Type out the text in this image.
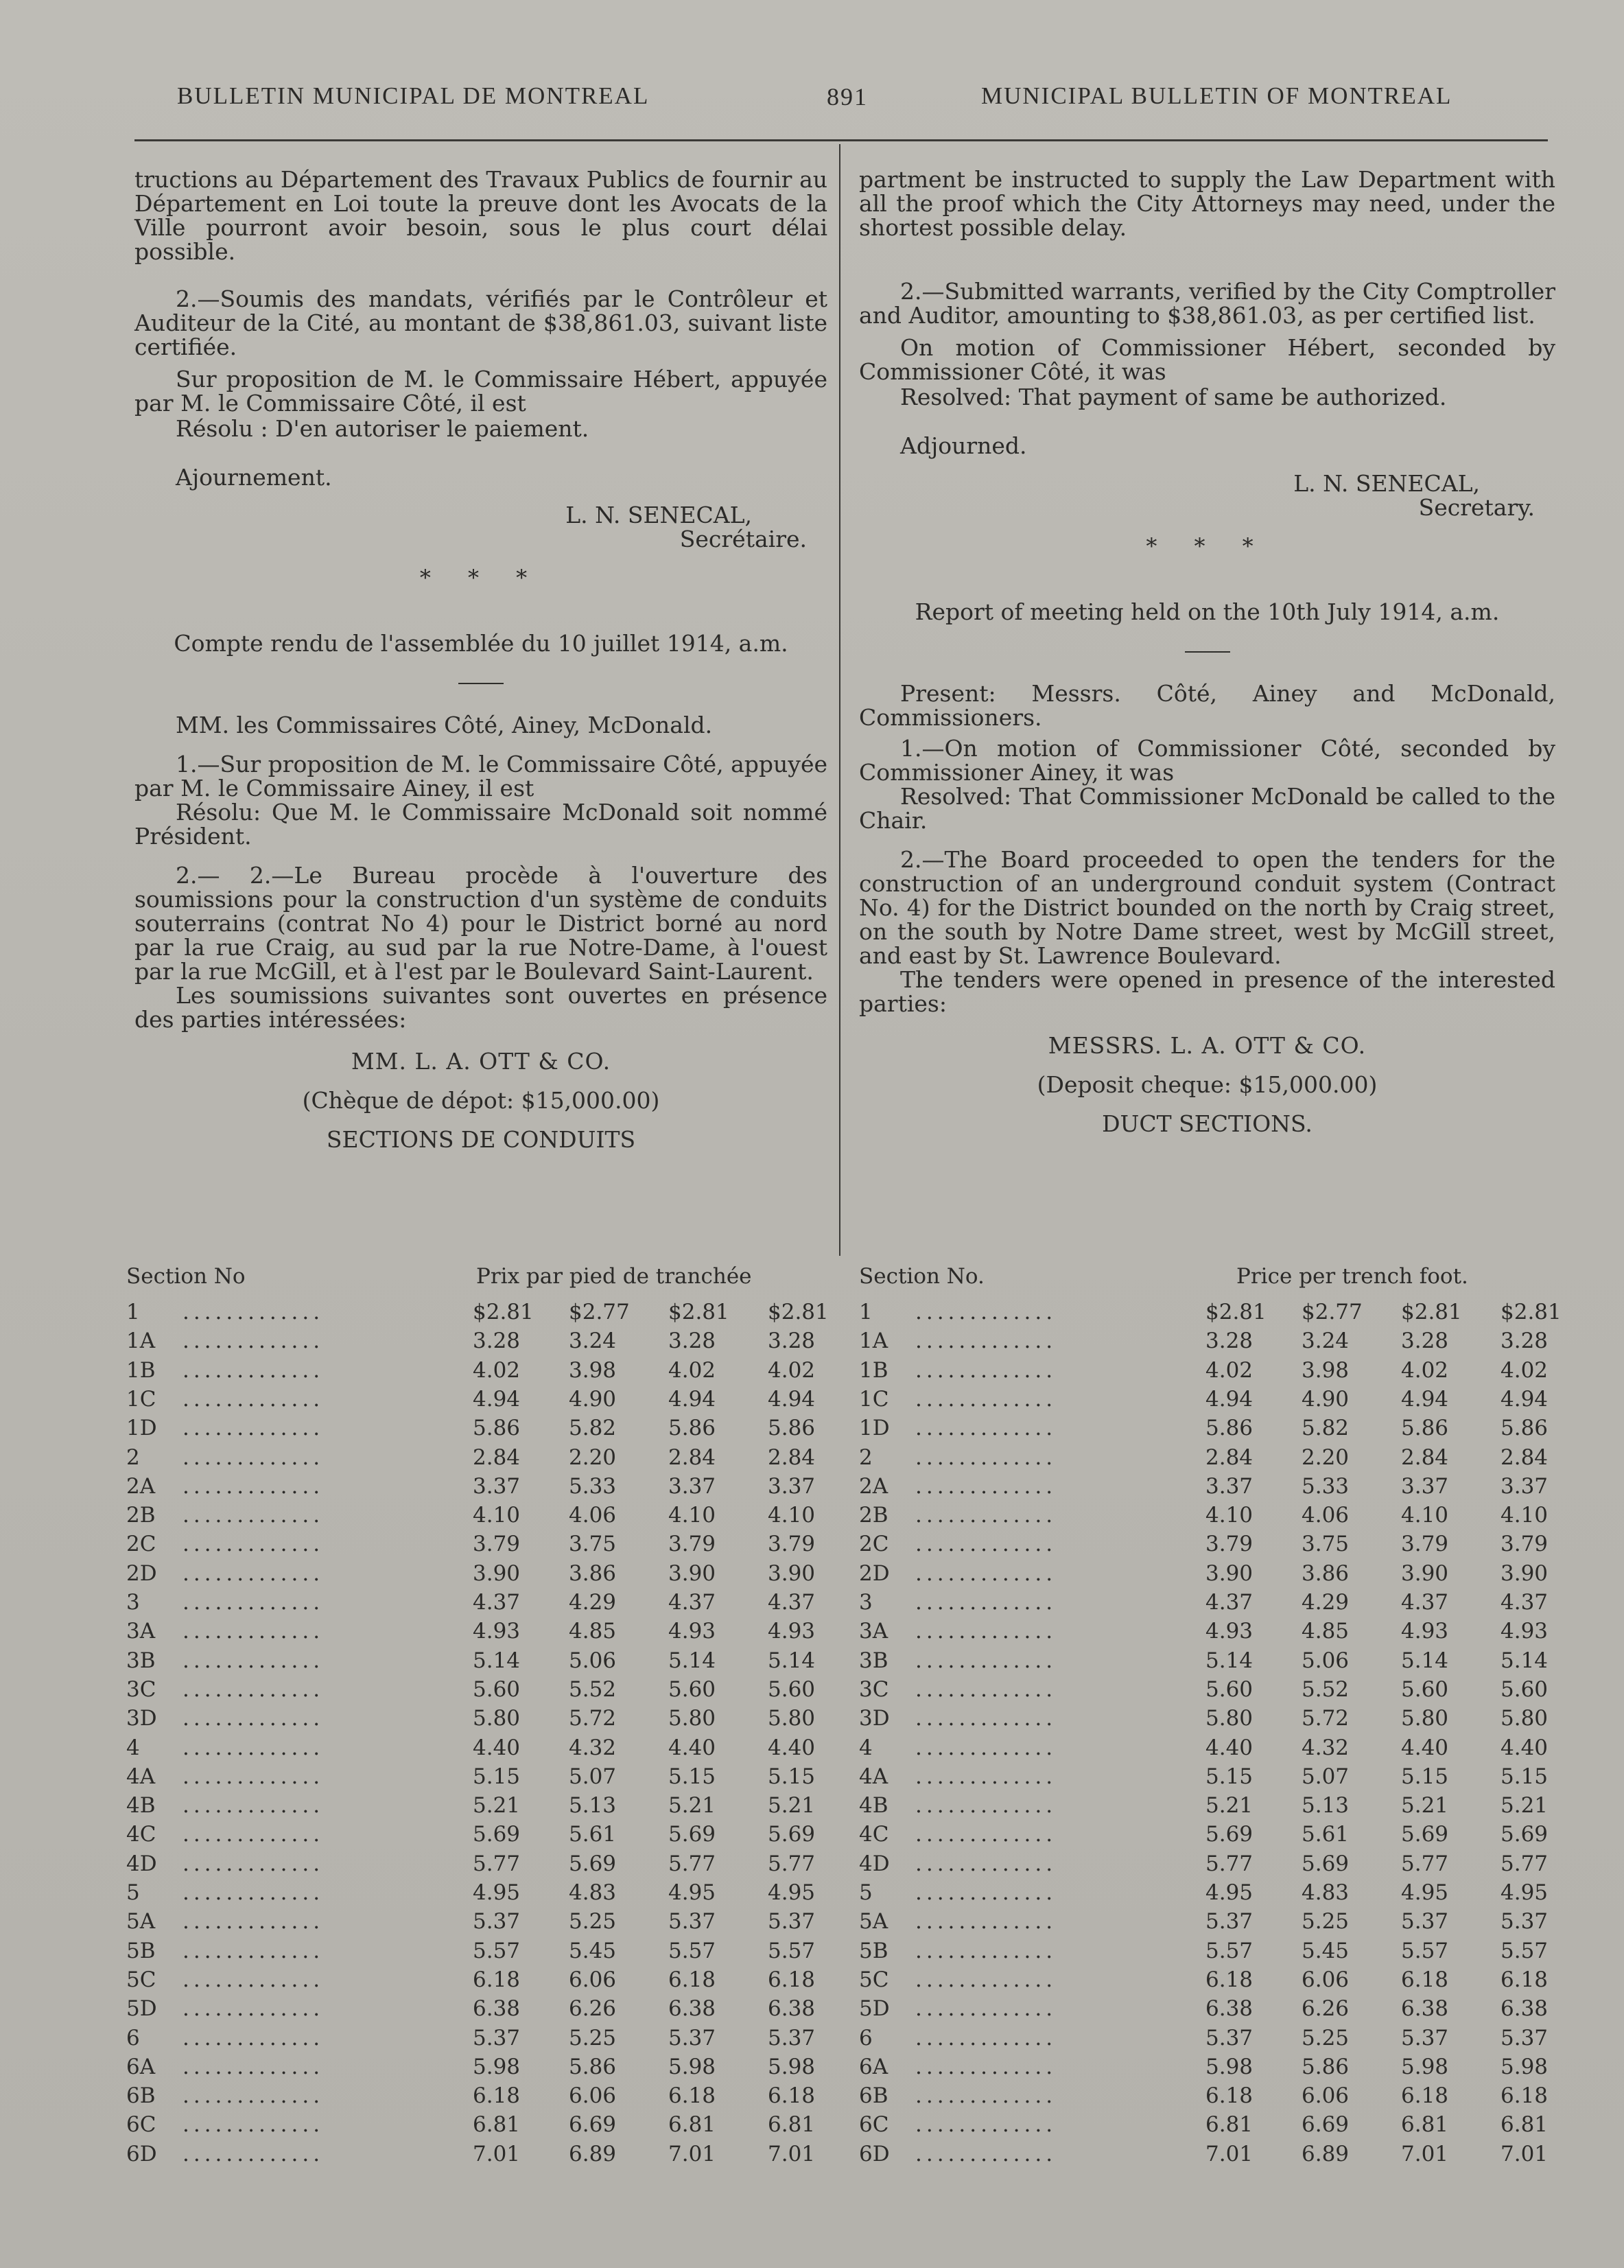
BULLETIN MUNICIPAL DE MONTREAL	891	MUNICIPAL BULLETIN OF MONTREAL

tructions au Département des Travaux Publics de fournir au Département en Loi toute la preuve dont les Avocats de la Ville pourront avoir besoin, sous le plus court délai possible.

2.—Soumis des mandats, vérifiés par le Contrôleur et Auditeur de la Cité, au montant de $38,861.03, suivant liste certifiée.

Sur proposition de M. le Commissaire Hébert, appuyée par M. le Commissaire Côté, il est

Résolu : D'en autoriser le paiement.

Ajournement.

L. N. SENECAL,

Secrétaire.

* * *

Compte rendu de l'assemblée du 10 juillet 1914, a.m.

MM. les Commissaires Côté, Ainey, McDonald.

1.—Sur proposition de M. le Commissaire Côté, appuyée par M. le Commissaire Ainey, il est

Résolu: Que M. le Commissaire McDonald soit nommé Président.

2.— 2.—Le Bureau procède à l'ouverture des soumissions pour la construction d'un système de conduits souterrains (contrat No 4) pour le District borné au nord par la rue Craig, au sud par la rue Notre-Dame, à l'ouest par la rue McGill, et à l'est par le Boulevard Saint-Laurent.

Les soumissions suivantes sont ouvertes en présence des parties intéressées:

MM. L. A. OTT & CO.

(Chèque de dépot: $15,000.00)

SECTIONS DE CONDUITS

partment be instructed to supply the Law Department with all the proof which the City Attorneys may need, under the shortest possible delay.

2.—Submitted warrants, verified by the City Comptroller and Auditor, amounting to $38,861.03, as per certified list.

On motion of Commissioner Hébert, seconded by Commissioner Côté, it was

Resolved: That payment of same be authorized.

Adjourned.

L. N. SENECAL,

Secretary.

* * *

Report of meeting held on the 10th July 1914, a.m.

Present: Messrs. Côté, Ainey and McDonald, Commissioners.

1.—On motion of Commissioner Côté, seconded by Commissioner Ainey, it was

Resolved: That Commissioner McDonald be called to the Chair.

2.—The Board proceeded to open the tenders for the construction of an underground conduit system (Contract No. 4) for the District bounded on the north by Craig street, on the south by Notre Dame street, west by McGill street, and east by St. Lawrence Boulevard.

The tenders were opened in presence of the interested parties:

MESSRS. L. A. OTT & CO.

(Deposit cheque: $15,000.00)

DUCT SECTIONS.

Section No	Prix par pied de tranchée
1 .............	$2.81 $2.77 $2.81 $2.81
1A .............	3.28 3.24 3.28 3.28
1B .............	4.02 3.98 4.02 4.02
1C .............	4.94 4.90 4.94 4.94
1D .............	5.86 5.82 5.86 5.86
2 .............	2.84 2.20 2.84 2.84
2A .............	3.37 5.33 3.37 3.37
2B .............	4.10 4.06 4.10 4.10
2C .............	3.79 3.75 3.79 3.79
2D .............	3.90 3.86 3.90 3.90
3 .............	4.37 4.29 4.37 4.37
3A .............	4.93 4.85 4.93 4.93
3B .............	5.14 5.06 5.14 5.14
3C .............	5.60 5.52 5.60 5.60
3D .............	5.80 5.72 5.80 5.80
4 .............	4.40 4.32 4.40 4.40
4A .............	5.15 5.07 5.15 5.15
4B .............	5.21 5.13 5.21 5.21
4C .............	5.69 5.61 5.69 5.69
4D .............	5.77 5.69 5.77 5.77
5 .............	4.95 4.83 4.95 4.95
5A .............	5.37 5.25 5.37 5.37
5B .............	5.57 5.45 5.57 5.57
5C .............	6.18 6.06 6.18 6.18
5D .............	6.38 6.26 6.38 6.38
6 .............	5.37 5.25 5.37 5.37
6A .............	5.98 5.86 5.98 5.98
6B .............	6.18 6.06 6.18 6.18
6C .............	6.81 6.69 6.81 6.81
6D .............	7.01 6.89 7.01 7.01
Section No.	Price per trench foot.
1 .............	$2.81 $2.77 $2.81 $2.81
1A .............	3.28 3.24 3.28 3.28
1B .............	4.02 3.98 4.02 4.02
1C .............	4.94 4.90 4.94 4.94
1D .............	5.86 5.82 5.86 5.86
2 .............	2.84 2.20 2.84 2.84
2A .............	3.37 5.33 3.37 3.37
2B .............	4.10 4.06 4.10 4.10
2C .............	3.79 3.75 3.79 3.79
2D .............	3.90 3.86 3.90 3.90
3 .............	4.37 4.29 4.37 4.37
3A .............	4.93 4.85 4.93 4.93
3B .............	5.14 5.06 5.14 5.14
3C .............	5.60 5.52 5.60 5.60
3D .............	5.80 5.72 5.80 5.80
4 .............	4.40 4.32 4.40 4.40
4A .............	5.15 5.07 5.15 5.15
4B .............	5.21 5.13 5.21 5.21
4C .............	5.69 5.61 5.69 5.69
4D .............	5.77 5.69 5.77 5.77
5 .............	4.95 4.83 4.95 4.95
5A .............	5.37 5.25 5.37 5.37
5B .............	5.57 5.45 5.57 5.57
5C .............	6.18 6.06 6.18 6.18
5D .............	6.38 6.26 6.38 6.38
6 .............	5.37 5.25 5.37 5.37
6A .............	5.98 5.86 5.98 5.98
6B .............	6.18 6.06 6.18 6.18
6C .............	6.81 6.69 6.81 6.81
6D .............	7.01 6.89 7.01 7.01
